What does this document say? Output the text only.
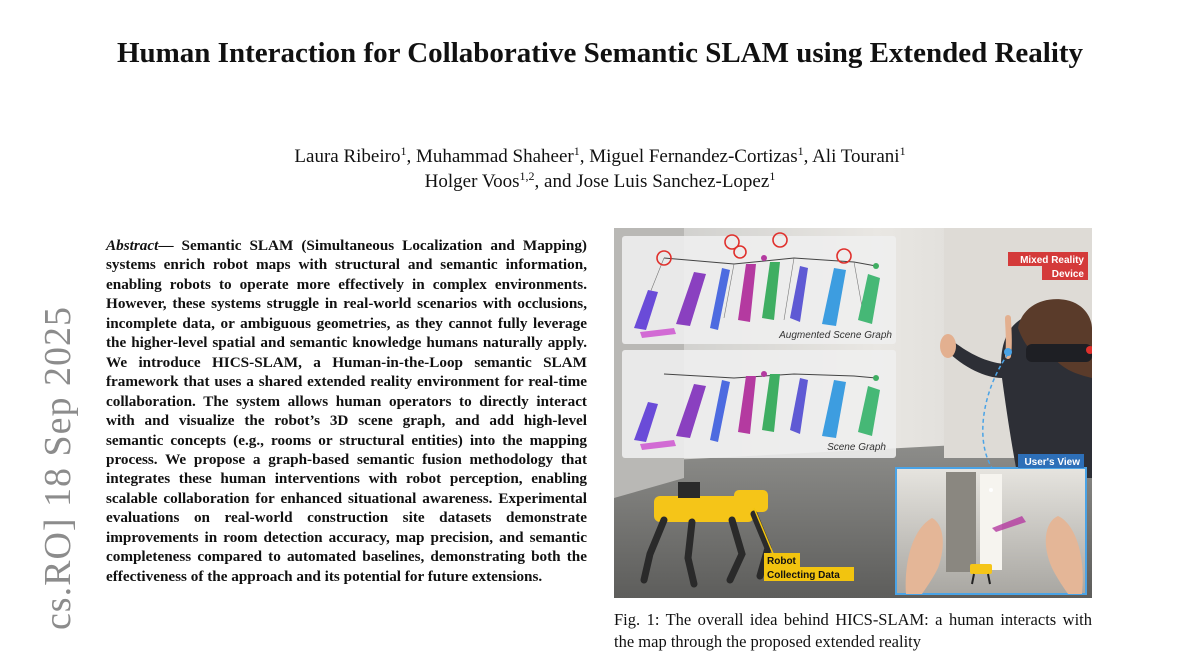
Human Interaction for Collaborative Semantic SLAM using Extended Reality
Laura Ribeiro$^1$, Muhammad Shaheer$^1$, Miguel Fernandez-Cortizas$^1$, Ali Tourani$^1$
Holger Voos$^{1,2}$, and Jose Luis Sanchez-Lopez$^1$
Abstract— Semantic SLAM (Simultaneous Localization and Mapping) systems enrich robot maps with structural and semantic information, enabling robots to operate more effectively in complex environments. However, these systems struggle in real-world scenarios with occlusions, incomplete data, or ambiguous geometries, as they cannot fully leverage the higher-level spatial and semantic knowledge humans naturally apply. We introduce HICS-SLAM, a Human-in-the-Loop semantic SLAM framework that uses a shared extended reality environment for real-time collaboration. The system allows human operators to directly interact with and visualize the robot’s 3D scene graph, and add high-level semantic concepts (e.g., rooms or structural entities) into the mapping process. We propose a graph-based semantic fusion methodology that integrates these human interventions with robot perception, enabling scalable collaboration for enhanced situational awareness. Experimental evaluations on real-world construction site datasets demonstrate improvements in room detection accuracy, map precision, and semantic completeness compared to automated baselines, demonstrating both the effectiveness of the approach and its potential for future extensions.
cs.RO] 18 Sep 2025	Augmented Scene Graph
Scene Graph
Mixed Reality
Device
Robot
Collecting Data
User's View
Fig. 1: The overall idea behind HICS-SLAM: a human interacts with the map through the proposed extended reality
